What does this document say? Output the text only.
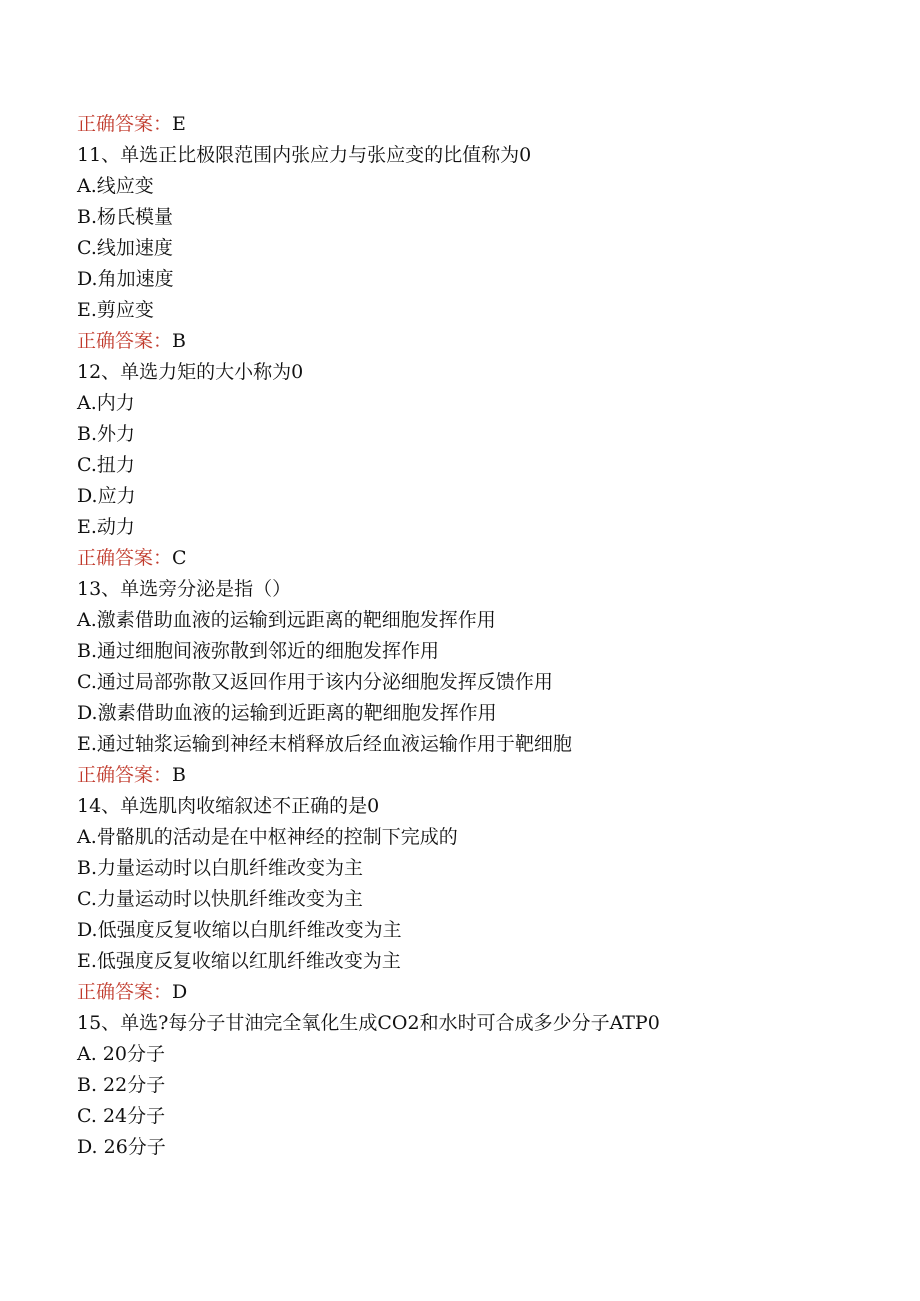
正确答案：E
11、单选正比极限范围内张应力与张应变的比值称为0
A.线应变
B.杨氏模量
C.线加速度
D.角加速度
E.剪应变
正确答案：B
12、单选力矩的大小称为0
A.内力
B.外力
C.扭力
D.应力
E.动力
正确答案：C
13、单选旁分泌是指（）
A.激素借助血液的运输到远距离的靶细胞发挥作用
B.通过细胞间液弥散到邻近的细胞发挥作用
C.通过局部弥散又返回作用于该内分泌细胞发挥反馈作用
D.激素借助血液的运输到近距离的靶细胞发挥作用
E.通过轴浆运输到神经末梢释放后经血液运输作用于靶细胞
正确答案：B
14、单选肌肉收缩叙述不正确的是0
A.骨骼肌的活动是在中枢神经的控制下完成的
B.力量运动时以白肌纤维改变为主
C.力量运动时以快肌纤维改变为主
D.低强度反复收缩以白肌纤维改变为主
E.低强度反复收缩以红肌纤维改变为主
正确答案：D
15、单选?每分子甘油完全氧化生成CO2和水时可合成多少分子ATP0
A. 20分子
B. 22分子
C. 24分子
D. 26分子
